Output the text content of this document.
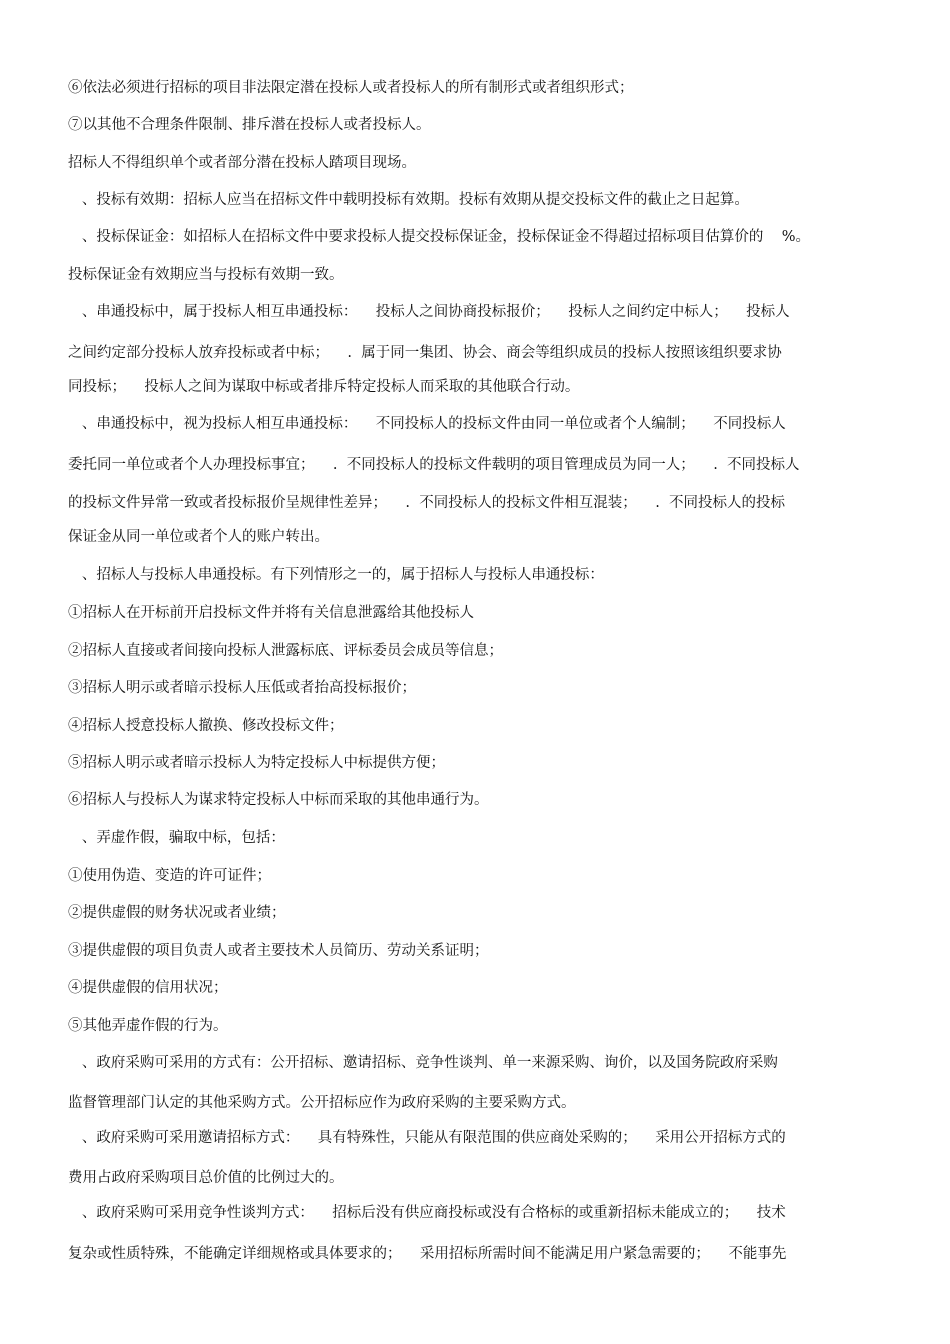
⑥依法必须进行招标的项目非法限定潜在投标人或者投标人的所有制形式或者组织形式；
⑦以其他不合理条件限制、排斥潜在投标人或者投标人。
招标人不得组织单个或者部分潜在投标人踏项目现场。
、投标有效期：招标人应当在招标文件中载明投标有效期。投标有效期从提交投标文件的截止之日起算。
、投标保证金：如招标人在招标文件中要求投标人提交投标保证金，投标保证金不得超过招标项目估算价的    %。
投标保证金有效期应当与投标有效期一致。
、串通投标中，属于投标人相互串通投标：    投标人之间协商投标报价；    投标人之间约定中标人；    投标人
之间约定部分投标人放弃投标或者中标；    .  属于同一集团、协会、商会等组织成员的投标人按照该组织要求协
同投标；    投标人之间为谋取中标或者排斥特定投标人而采取的其他联合行动。
、串通投标中，视为投标人相互串通投标：    不同投标人的投标文件由同一单位或者个人编制；    不同投标人
委托同一单位或者个人办理投标事宜；    .  不同投标人的投标文件载明的项目管理成员为同一人；    .  不同投标人
的投标文件异常一致或者投标报价呈规律性差异；    .  不同投标人的投标文件相互混装；    .  不同投标人的投标
保证金从同一单位或者个人的账户转出。
、招标人与投标人串通投标。有下列情形之一的，属于招标人与投标人串通投标：
①招标人在开标前开启投标文件并将有关信息泄露给其他投标人
②招标人直接或者间接向投标人泄露标底、评标委员会成员等信息；
③招标人明示或者暗示投标人压低或者抬高投标报价；
④招标人授意投标人撤换、修改投标文件；
⑤招标人明示或者暗示投标人为特定投标人中标提供方便；
⑥招标人与投标人为谋求特定投标人中标而采取的其他串通行为。
、弄虚作假，骗取中标，包括：
①使用伪造、变造的许可证件；
②提供虚假的财务状况或者业绩；
③提供虚假的项目负责人或者主要技术人员简历、劳动关系证明；
④提供虚假的信用状况；
⑤其他弄虚作假的行为。
、政府采购可采用的方式有：公开招标、邀请招标、竞争性谈判、单一来源采购、询价，以及国务院政府采购
监督管理部门认定的其他采购方式。公开招标应作为政府采购的主要采购方式。
、政府采购可采用邀请招标方式：    具有特殊性，只能从有限范围的供应商处采购的；    采用公开招标方式的
费用占政府采购项目总价值的比例过大的。
、政府采购可采用竞争性谈判方式：    招标后没有供应商投标或没有合格标的或重新招标未能成立的；    技术
复杂或性质特殊，不能确定详细规格或具体要求的；    采用招标所需时间不能满足用户紧急需要的；    不能事先
